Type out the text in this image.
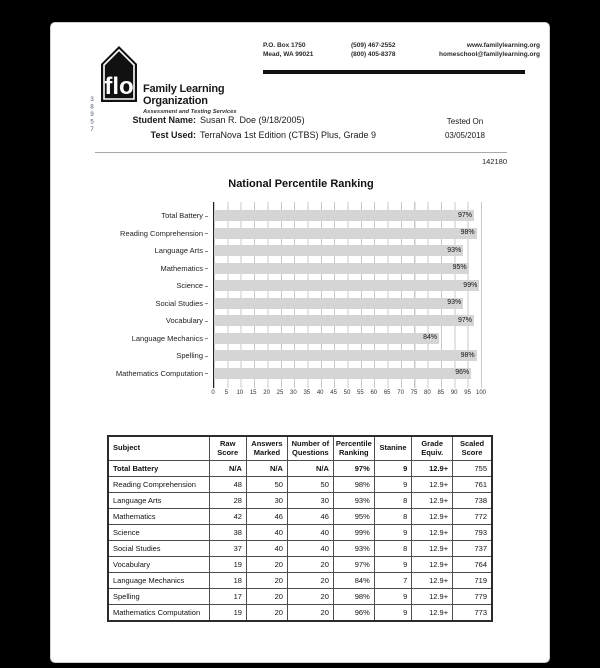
flo Family Learning
Organization
Assessment and Testing Services
P.O. Box 1750
Mead, WA 99021
(509) 467-2552
(800) 405-8378
www.familylearning.org
homeschool@familylearning.org
38957	Student Name: Susan R. Doe (9/18/2005)
Test Used: TerraNova 1st Edition (CTBS) Plus, Grade 9
Tested On
03/05/2018
142180
National Percentile Ranking
Total Battery	97%
Reading Comprehension	98%
Language Arts	93%
Mathematics	95%
Science	99%
Social Studies	93%
Vocabulary	97%
Language Mechanics	84%
Spelling	98%
Mathematics Computation	96%
0 5 10 15 20 25 30 35 40 45 50 55 60 65 70 75 80 85 90 95 100
Subject	Raw Score	Answers Marked	Number of Questions	Percentile Ranking	Stanine	Grade Equiv.	Scaled Score
Total Battery	N/A	N/A	N/A	97%	9	12.9+	755
Reading Comprehension	48	50	50	98%	9	12.9+	761
Language Arts	28	30	30	93%	8	12.9+	738
Mathematics	42	46	46	95%	8	12.9+	772
Science	38	40	40	99%	9	12.9+	793
Social Studies	37	40	40	93%	8	12.9+	737
Vocabulary	19	20	20	97%	9	12.9+	764
Language Mechanics	18	20	20	84%	7	12.9+	719
Spelling	17	20	20	98%	9	12.9+	779
Mathematics Computation	19	20	20	96%	9	12.9+	773
